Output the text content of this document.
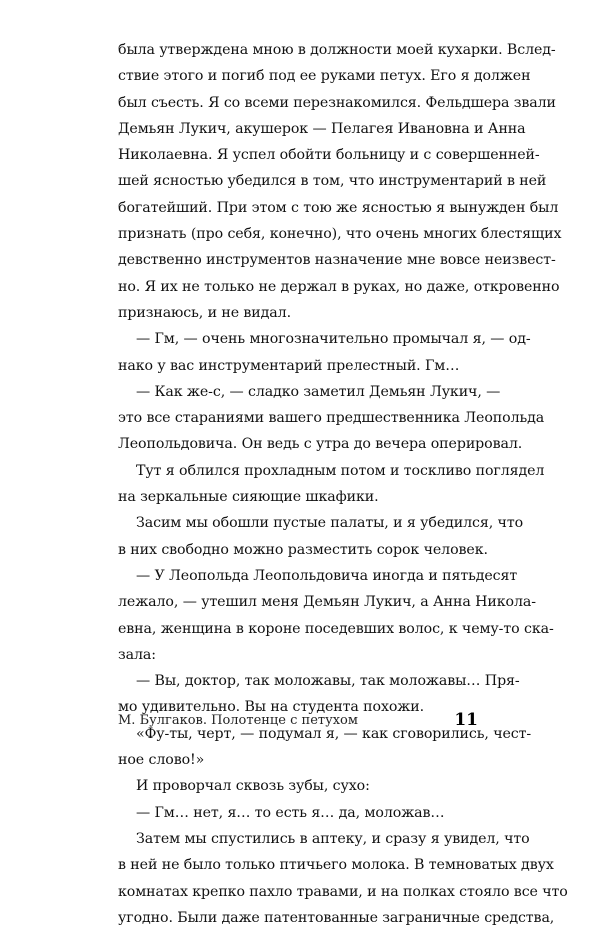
была утверждена мною в должности моей кухарки. Вслед-
ствие этого и погиб под ее руками петух. Его я должен
был съесть. Я со всеми перезнакомился. Фельдшера звали
Демьян Лукич, акушерок — Пелагея Ивановна и Анна
Николаевна. Я успел обойти больницу и с совершенней-
шей ясностью убедился в том, что инструментарий в ней
богатейший. При этом с тою же ясностью я вынужден был
признать (про себя, конечно), что очень многих блестящих
девственно инструментов назначение мне вовсе неизвест-
но. Я их не только не держал в руках, но даже, откровенно
признаюсь, и не видал.
— Гм, — очень многозначительно промычал я, — од-
нако у вас инструментарий прелестный. Гм…
— Как же-с, — сладко заметил Демьян Лукич, —
это все стараниями вашего предшественника Леопольда
Леопольдовича. Он ведь с утра до вечера оперировал.
Тут я облился прохладным потом и тоскливо поглядел
на зеркальные сияющие шкафики.
Засим мы обошли пустые палаты, и я убедился, что
в них свободно можно разместить сорок человек.
— У Леопольда Леопольдовича иногда и пятьдесят
лежало, — утешил меня Демьян Лукич, а Анна Никола-
евна, женщина в короне поседевших волос, к чему-то ска-
зала:
— Вы, доктор, так моложавы, так моложавы… Пря-
мо удивительно. Вы на студента похожи.
«Фу-ты, черт, — подумал я, — как сговорились, чест-
ное слово!»
И проворчал сквозь зубы, сухо:
— Гм… нет, я… то есть я… да, моложав…
Затем мы спустились в аптеку, и сразу я увидел, что
в ней не было только птичьего молока. В темноватых двух
комнатах крепко пахло травами, и на полках стояло все что
угодно. Были даже патентованные заграничные средства,
М. Булгаков. Полотенце с петухом	11
